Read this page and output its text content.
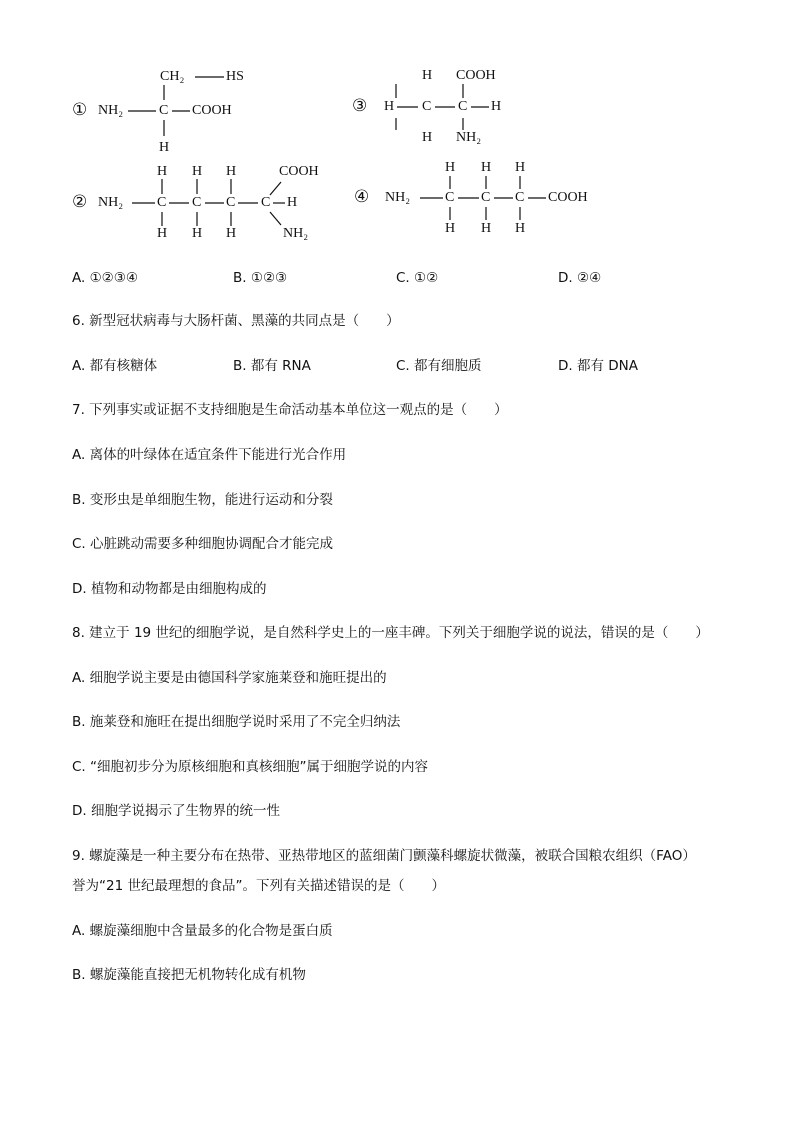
① NH₂	C COOH
CH₂	HS
H
③
H COOH
H C C H
H NH₂
② NH₂
H H H	COOH
C C C C H
H H H	NH₂
④ NH₂
H H H
C C C COOH
H H H
A. ①②③④	B. ①②③	C. ①②	D. ②④
6. 新型冠状病毒与大肠杆菌、黑藻的共同点是（　　）
A. 都有核糖体	B. 都有 RNA	C. 都有细胞质	D. 都有 DNA
7. 下列事实或证据不支持细胞是生命活动基本单位这一观点的是（　　）
A. 离体的叶绿体在适宜条件下能进行光合作用
B. 变形虫是单细胞生物，能进行运动和分裂
C. 心脏跳动需要多种细胞协调配合才能完成
D. 植物和动物都是由细胞构成的
8. 建立于 19 世纪的细胞学说，是自然科学史上的一座丰碑。下列关于细胞学说的说法，错误的是（　　）
A. 细胞学说主要是由德国科学家施莱登和施旺提出的
B. 施莱登和施旺在提出细胞学说时采用了不完全归纳法
C. “细胞初步分为原核细胞和真核细胞”属于细胞学说的内容
D. 细胞学说揭示了生物界的统一性
9. 螺旋藻是一种主要分布在热带、亚热带地区的蓝细菌门颤藻科螺旋状微藻，被联合国粮农组织（FAO）
誉为“21 世纪最理想的食品”。下列有关描述错误的是（　　）
A. 螺旋藻细胞中含量最多的化合物是蛋白质
B. 螺旋藻能直接把无机物转化成有机物
